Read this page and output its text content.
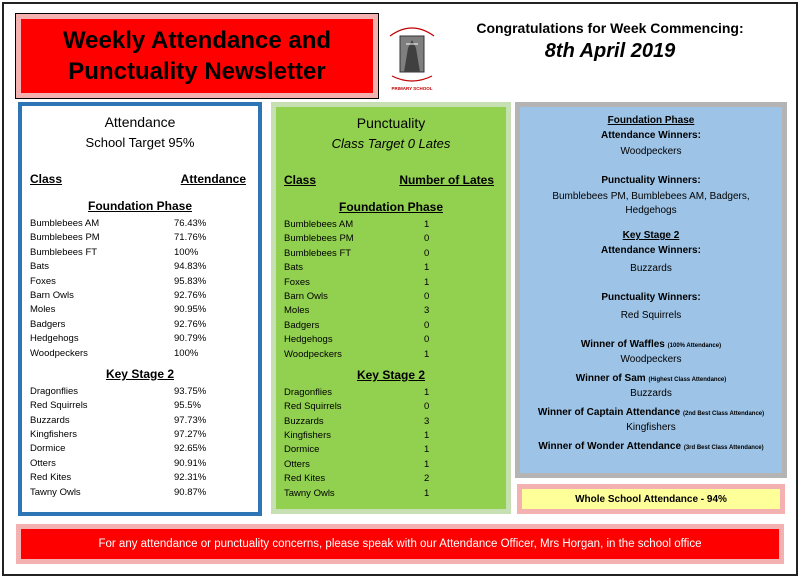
Weekly Attendance and
Punctuality Newsletter
PRIMARY SCHOOL
Congratulations for Week Commencing:
8th April 2019
Attendance
School Target 95%
Class	Attendance
Foundation Phase
Bumblebees AM	76.43%
Bumblebees PM	71.76%
Bumblebees FT	100%
Bats	94.83%
Foxes	95.83%
Barn Owls	92.76%
Moles	90.95%
Badgers	92.76%
Hedgehogs	90.79%
Woodpeckers	100%
Key Stage 2
Dragonflies	93.75%
Red Squirrels	95.5%
Buzzards	97.73%
Kingfishers	97.27%
Dormice	92.65%
Otters	90.91%
Red Kites	92.31%
Tawny Owls	90.87%
Punctuality
Class Target 0 Lates
Class	Number of Lates
Foundation Phase
Bumblebees AM	1
Bumblebees PM	0
Bumblebees FT	0
Bats	1
Foxes	1
Barn Owls	0
Moles	3
Badgers	0
Hedgehogs	0
Woodpeckers	1
Key Stage 2
Dragonflies	1
Red Squirrels	0
Buzzards	3
Kingfishers	1
Dormice	1
Otters	1
Red Kites	2
Tawny Owls	1
Foundation Phase
Attendance Winners:
Woodpeckers
Punctuality Winners:
Bumblebees PM, Bumblebees AM, Badgers, Hedgehogs
Key Stage 2
Attendance Winners:
Buzzards
Punctuality Winners:
Red Squirrels
Winner of Waffles (100% Attendance)
Woodpeckers
Winner of Sam (Highest Class Attendance)
Buzzards
Winner of Captain Attendance (2nd Best Class Attendance)
Kingfishers
Winner of Wonder Attendance (3rd Best Class Attendance)
Whole School Attendance - 94%
For any attendance or punctuality concerns, please speak with our Attendance Officer, Mrs Horgan, in the school office
